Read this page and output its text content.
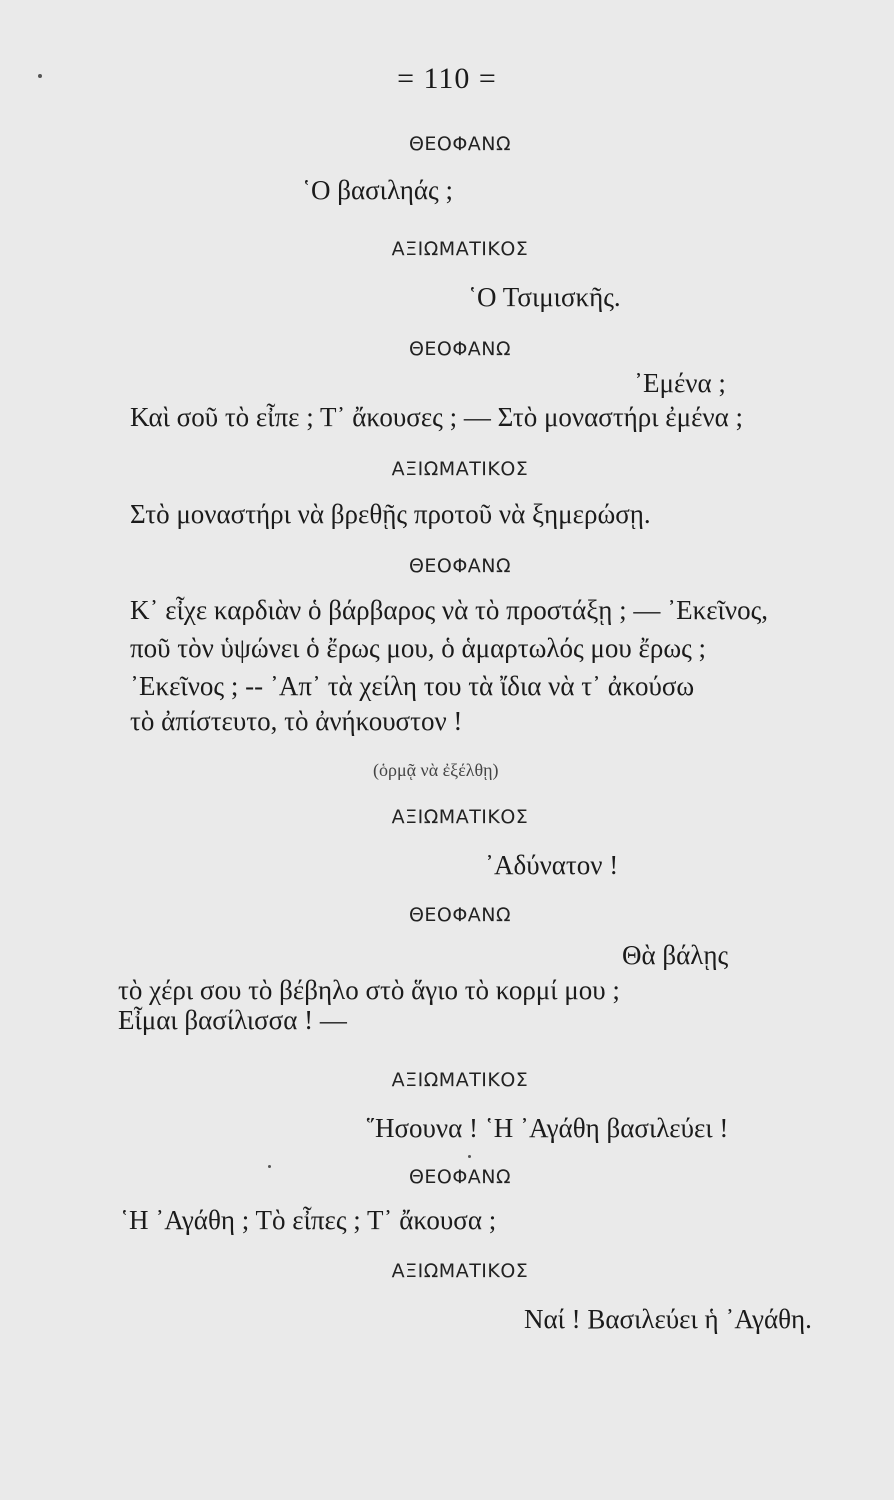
= 110 =
ΘΕΟΦΑΝΩ
῾Ο βασιληάς ;
ΑΞΙΩΜΑΤΙΚΟΣ
῾Ο Τσιμισκῆς.
ΘΕΟΦΑΝΩ
᾽Εμένα ;
Καὶ σοῦ τὸ εἶπε ; Τ᾽ ἄκουσες ; — Στὸ μοναστήρι ἐμένα ;
ΑΞΙΩΜΑΤΙΚΟΣ
Στὸ μοναστήρι νὰ βρεθῇς προτοῦ νὰ ξημερώσῃ.
ΘΕΟΦΑΝΩ
Κ᾽ εἶχε καρδιὰν ὁ βάρβαρος νὰ τὸ προστάξῃ ; — ᾽Εκεῖνος,
ποῦ τὸν ὑψώνει ὁ ἔρως μου, ὁ ἁμαρτωλός μου ἔρως ;
᾽Εκεῖνος ; -- ᾽Απ᾽ τὰ χείλη του τὰ ἴδια νὰ τ᾽ ἀκούσω
τὸ ἀπίστευτο, τὸ ἀνήκουστον !
(ὁρμᾷ νὰ ἐξέλθῃ)
ΑΞΙΩΜΑΤΙΚΟΣ
᾽Αδύνατον !
ΘΕΟΦΑΝΩ
Θὰ βάλῃς
τὸ χέρι σου τὸ βέβηλο στὸ ἅγιο τὸ κορμί μου ;
Εἶμαι βασίλισσα ! —
ΑΞΙΩΜΑΤΙΚΟΣ
῞Ησουνα ! ῾Η ᾽Αγάθη βασιλεύει !
ΘΕΟΦΑΝΩ
῾Η ᾽Αγάθη ; Τὸ εἶπες ; Τ᾽ ἄκουσα ;
ΑΞΙΩΜΑΤΙΚΟΣ
Ναί ! Βασιλεύει ἡ ᾽Αγάθη.
